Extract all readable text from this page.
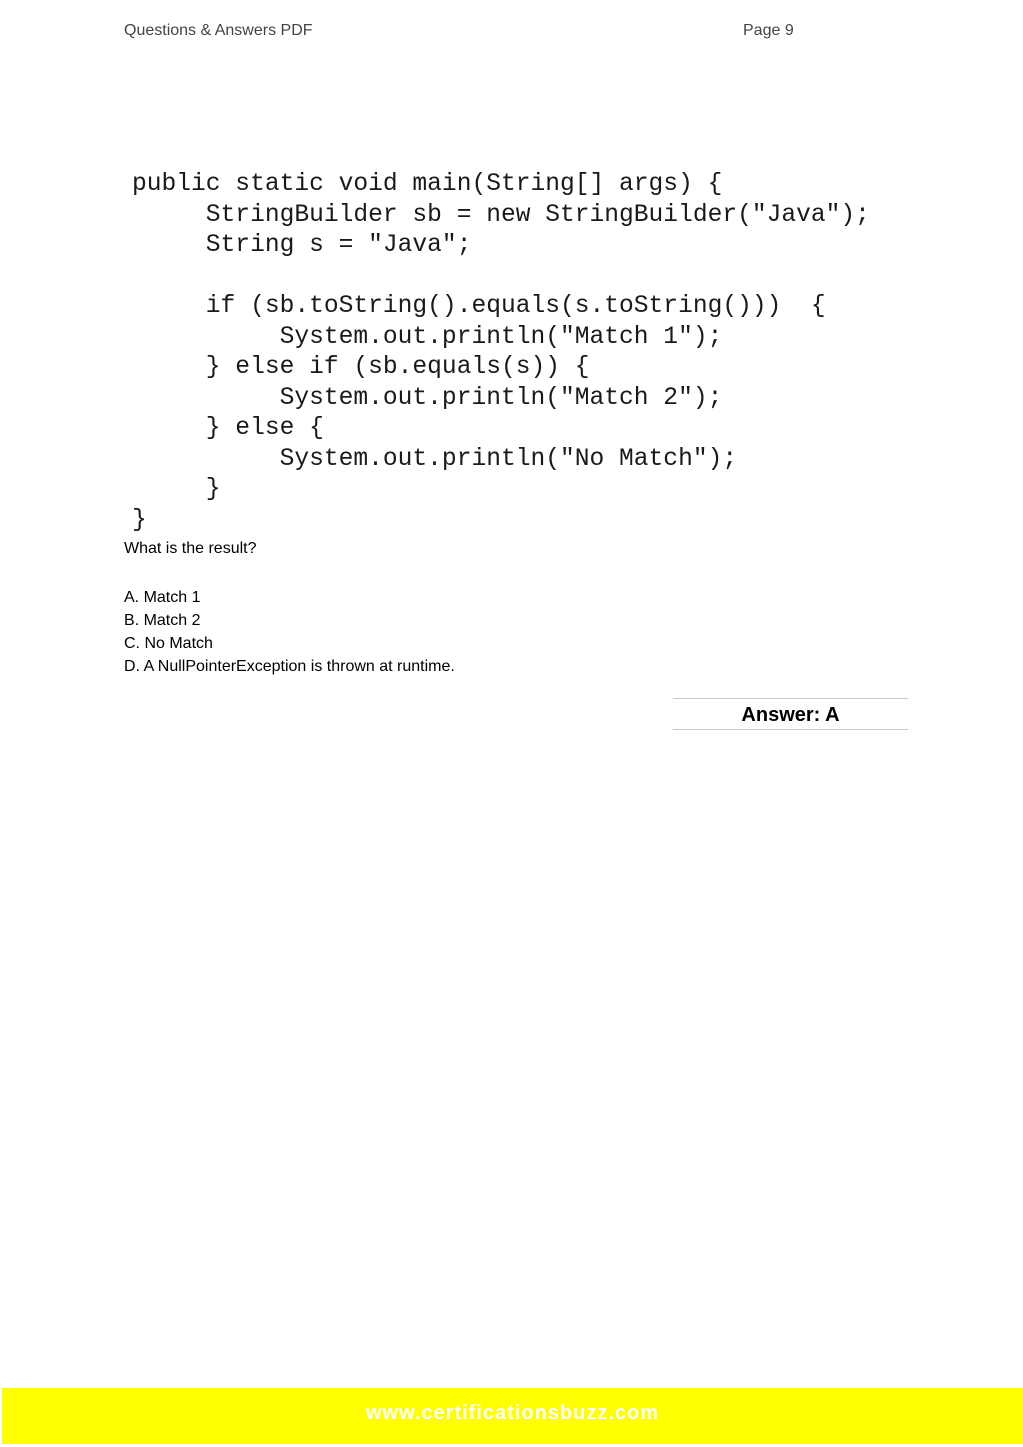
Questions & Answers PDF	Page 9
public static void main(String[] args) {
StringBuilder sb = new StringBuilder("Java");
String s = "Java";
if (sb.toString().equals(s.toString()))  {
System.out.println("Match 1");
} else if (sb.equals(s)) {
System.out.println("Match 2");
} else {
System.out.println("No Match");
}
}
What is the result?
A. Match 1
B. Match 2
C. No Match
D. A NullPointerException is thrown at runtime.
Answer: A
www.certificationsbuzz.com
